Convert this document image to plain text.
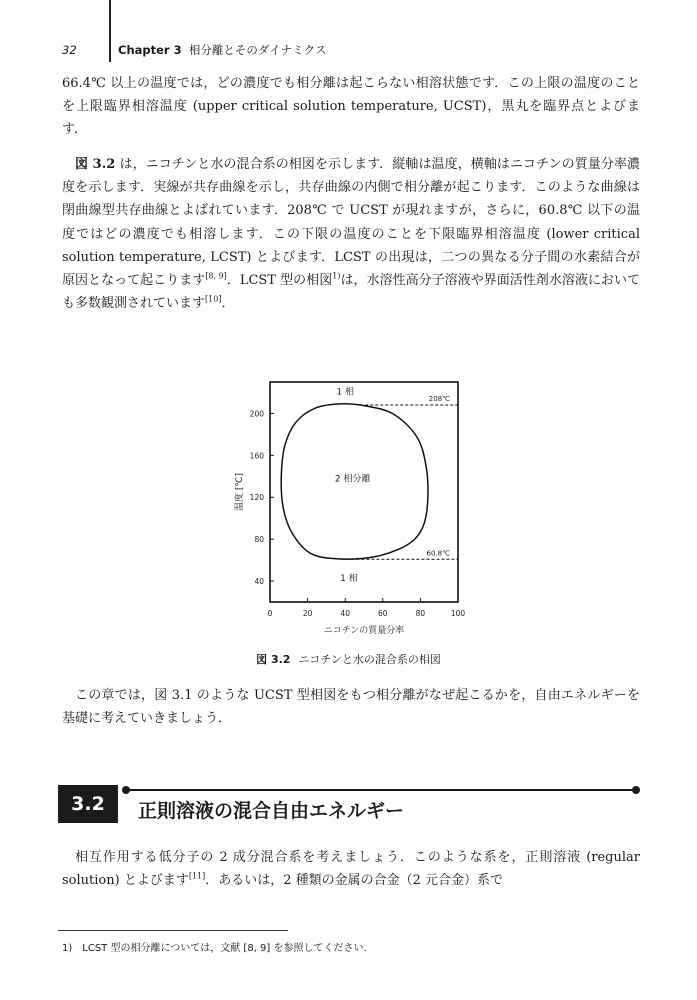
32	Chapter 3 相分離とそのダイナミクス
66.4℃ 以上の温度では，どの濃度でも相分離は起こらない相溶状態です．この上限の温度のことを上限臨界相溶温度 (upper critical solution temperature, UCST)，黒丸を臨界点とよびます．
図 3.2 は，ニコチンと水の混合系の相図を示します．縦軸は温度，横軸はニコチンの質量分率濃度を示します．実線が共存曲線を示し，共存曲線の内側で相分離が起こります．このような曲線は閉曲線型共存曲線とよばれています．208℃ で UCST が現れますが，さらに，60.8℃ 以下の温度ではどの濃度でも相溶します．この下限の温度のことを下限臨界相溶温度 (lower critical solution temperature, LCST) とよびます．LCST の出現は，二つの異なる分子間の水素結合が原因となって起こります[8, 9]．LCST 型の相図$^{1)}$は，水溶性高分子溶液や界面活性剤水溶液においても多数観測されています[10]．
0	20	40	60	80	100
40
80
120
160
200
208℃
60.8℃
1 相
2 相分離
1 相
ニコチンの質量分率
温度 [℃]
図 3.2 ニコチンと水の混合系の相図
この章では，図 3.1 のような UCST 型相図をもつ相分離がなぜ起こるかを，自由エネルギーを基礎に考えていきましょう．
3.2	正則溶液の混合自由エネルギー
相互作用する低分子の 2 成分混合系を考えましょう．このような系を，正則溶液 (regular solution) とよびます[11]．あるいは，2 種類の金属の合金（2 元合金）系で
1) LCST 型の相分離については，文献 [8, 9] を参照してください．
